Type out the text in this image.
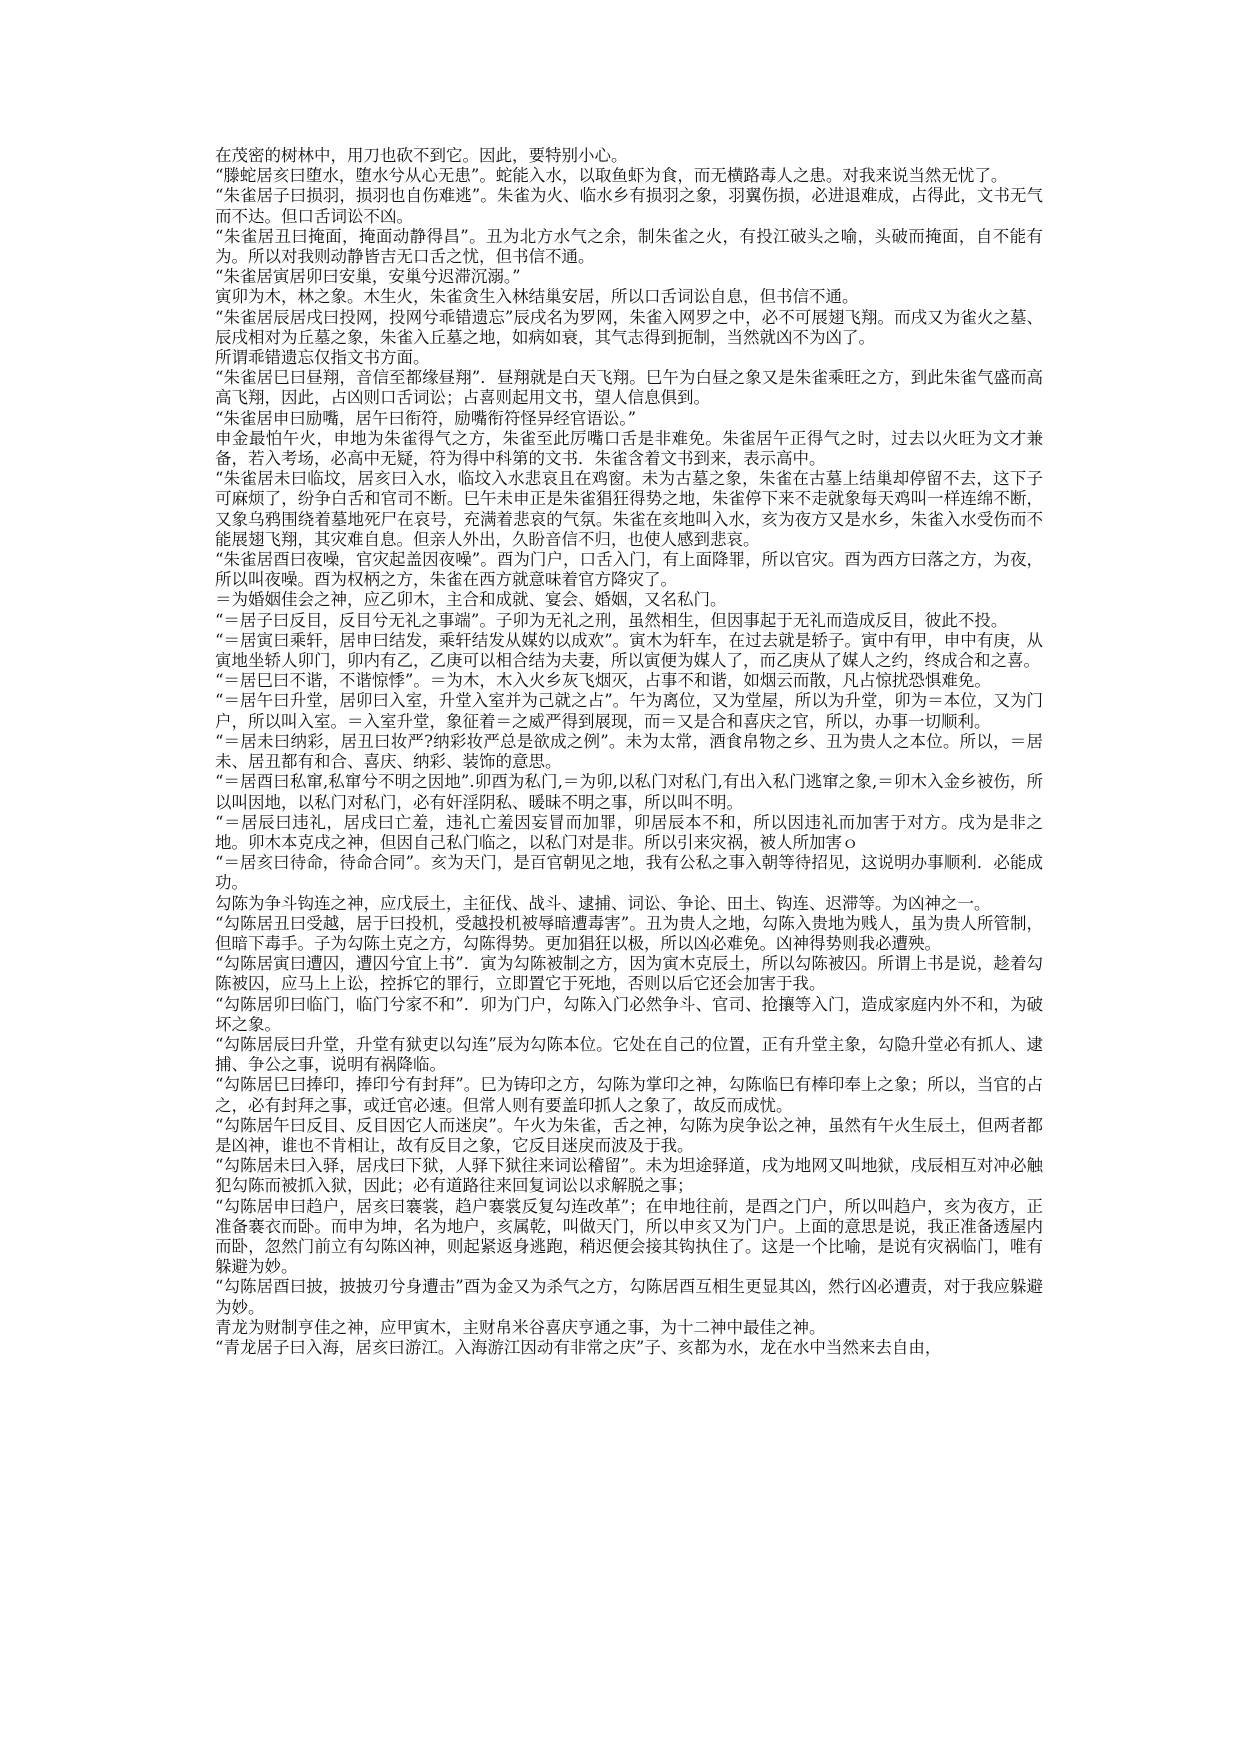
在茂密的树林中，用刀也砍不到它。因此，要特别小心。

“滕蛇居亥曰堕水，堕水兮从心无患”。蛇能入水，以取鱼虾为食，而无横路毒人之患。对我来说当然无忧了。

“朱雀居子曰损羽，损羽也自伤难逃”。朱雀为火、临水乡有损羽之象，羽翼伤损，必进退难成，占得此，文书无气而不达。但口舌词讼不凶。

“朱雀居丑曰掩面，掩面动静得昌”。丑为北方水气之余，制朱雀之火，有投江破头之喻，头破而掩面，自不能有为。所以对我则动静皆吉无口舌之忧，但书信不通。

“朱雀居寅居卯曰安巢，安巢兮迟滞沉溺。”

寅卯为木，林之象。木生火，朱雀贪生入林结巢安居，所以口舌词讼自息，但书信不通。

“朱雀居辰居戌曰投网，投网兮乖错遗忘”辰戌名为罗网，朱雀入网罗之中，必不可展翅飞翔。而戌又为雀火之墓、辰戌相对为丘墓之象，朱雀入丘墓之地，如病如衰，其气志得到扼制，当然就凶不为凶了。

所谓乖错遗忘仅指文书方面。

“朱雀居巳曰昼翔，音信至都缘昼翔”．昼翔就是白天飞翔。巳午为白昼之象又是朱雀乘旺之方，到此朱雀气盛而高高飞翔，因此，占凶则口舌词讼；占喜则起用文书，望人信息俱到。

“朱雀居申曰励嘴，居午曰衔符，励嘴衔符怪异经官语讼。”

申金最怕午火，申地为朱雀得气之方，朱雀至此厉嘴口舌是非难免。朱雀居午正得气之时，过去以火旺为文才兼备，若入考场，必高中无疑，符为得中科第的文书．朱雀含着文书到来，表示高中。

“朱雀居未曰临坟，居亥曰入水，临坟入水悲哀且在鸡窗。未为古墓之象，朱雀在古墓上结巢却停留不去，这下子可麻烦了，纷争白舌和官司不断。巳午未申正是朱雀猖狂得势之地，朱雀停下来不走就象每天鸡叫一样连绵不断，又象乌鸦围绕着墓地死尸在哀号，充满着悲哀的气氛。朱雀在亥地叫入水，亥为夜方又是水乡，朱雀入水受伤而不能展翅飞翔，其灾难自息。但亲人外出，久盼音信不归，也使人感到悲哀。

“朱雀居酉曰夜噪，官灾起盖因夜噪”。酉为门户，口舌入门，有上面降罪，所以官灾。酉为西方曰落之方，为夜，所以叫夜噪。酉为权柄之方，朱雀在西方就意味着官方降灾了。

＝为婚姻佳会之神，应乙卯木，主合和成就、宴会、婚姻，又名私门。

“＝居子曰反目，反目兮无礼之事端”。子卯为无礼之刑，虽然相生，但因事起于无礼而造成反目，彼此不投。

“＝居寅曰乘轩，居申曰结发，乘轩结发从媒妁以成欢”。寅木为轩车，在过去就是轿子。寅中有甲，申中有庚，从寅地坐轿人卯门，卯内有乙，乙庚可以相合结为夫妻，所以寅便为媒人了，而乙庚从了媒人之约，终成合和之喜。

“＝居巳曰不谐，不谐惊悸”。＝为木，木入火乡灰飞烟灭，占事不和谐，如烟云而散，凡占惊扰恐惧难免。

“＝居午曰升堂，居卯曰入室，升堂入室并为己就之占”。午为离位，又为堂屋，所以为升堂，卯为＝本位，又为门户，所以叫入室。＝入室升堂，象征着＝之威严得到展现，而＝又是合和喜庆之官，所以，办事一切顺利。

“＝居未曰纳彩，居丑曰妆严?纳彩妆严总是欲成之例”。未为太常，酒食帛物之乡、丑为贵人之本位。所以，＝居未、居丑都有和合、喜庆、纳彩、装饰的意思。

“＝居酉曰私窜,私窜兮不明之因地”.卯酉为私门,＝为卯,以私门对私门,有出入私门逃窜之象,＝卯木入金乡被伤，所以叫因地，以私门对私门，必有奸淫阴私、暖昧不明之事，所以叫不明。

“＝居辰曰违礼，居戌曰亡羞，违礼亡羞因妄冒而加罪，卯居辰本不和，所以因违礼而加害于对方。戌为是非之地。卯木本克戌之神，但因自己私门临之，以私门对是非。所以引来灾祸，被人所加害ｏ

“＝居亥曰待命，待命合同”。亥为天门，是百官朝见之地，我有公私之事入朝等待招见，这说明办事顺利．必能成功。

勾陈为争斗钩连之神，应戊辰土，主征伐、战斗、逮捕、词讼、争论、田土、钩连、迟滞等。为凶神之一。

“勾陈居丑曰受越，居于曰投机，受越投机被辱暗遭毒害”。丑为贵人之地，勾陈入贵地为贱人，虽为贵人所管制，但暗下毒手。子为勾陈土克之方，勾陈得势。更加猖狂以极，所以凶必难免。凶神得势则我必遭殃。

“勾陈居寅曰遭囚，遭囚兮宜上书”．寅为勾陈被制之方，因为寅木克辰土，所以勾陈被囚。所谓上书是说，趁着勾陈被囚，应马上上讼，控拆它的罪行，立即置它于死地，否则以后它还会加害于我。

“勾陈居卯曰临门，临门兮家不和”．卯为门户，勾陈入门必然争斗、官司、抢攘等入门，造成家庭内外不和，为破坏之象。

“勾陈居辰曰升堂，升堂有狱吏以勾连”辰为勾陈本位。它处在自己的位置，正有升堂主象，勾隐升堂必有抓人、逮捕、争公之事，说明有祸降临。

“勾陈居巳曰捧印，捧印兮有封拜”。巳为铸印之方，勾陈为掌印之神，勾陈临巳有棒印奉上之象；所以，当官的占之，必有封拜之事，或迁官必速。但常人则有要盖印抓人之象了，故反而成忧。

“勾陈居午曰反目、反目因它人而迷戾”。午火为朱雀，舌之神，勾陈为戾争讼之神，虽然有午火生辰土，但两者都是凶神，谁也不肯相让，故有反目之象，它反目迷戾而波及于我。

“勾陈居未曰入驿，居戌曰下狱，人驿下狱往来词讼稽留”。未为坦途驿道，戌为地网又叫地狱，戌辰相互对冲必触犯勾陈而被抓入狱，因此；必有道路往来回复词讼以求解脱之事；

“勾陈居申曰趋户，居亥曰褰裳，趋户褰裳反复勾连改革”；在申地往前，是酉之门户，所以叫趋户，亥为夜方，正准备褰衣而卧。而申为坤，名为地户，亥属乾，叫做天门，所以申亥又为门户。上面的意思是说，我正准备透屋内而卧，忽然门前立有勾陈凶神，则起紧返身逃跑，稍迟便会接其钩执住了。这是一个比喻，是说有灾祸临门，唯有躲避为妙。

“勾陈居酉曰披，披披刃兮身遭击”酉为金又为杀气之方，勾陈居酉互相生更显其凶，然行凶必遭责，对于我应躲避为妙。

青龙为财制亨佳之神，应甲寅木，主财帛米谷喜庆亨通之事，为十二神中最佳之神。

“青龙居子曰入海，居亥曰游江。入海游江因动有非常之庆”子、亥都为水，龙在水中当然来去自由，
